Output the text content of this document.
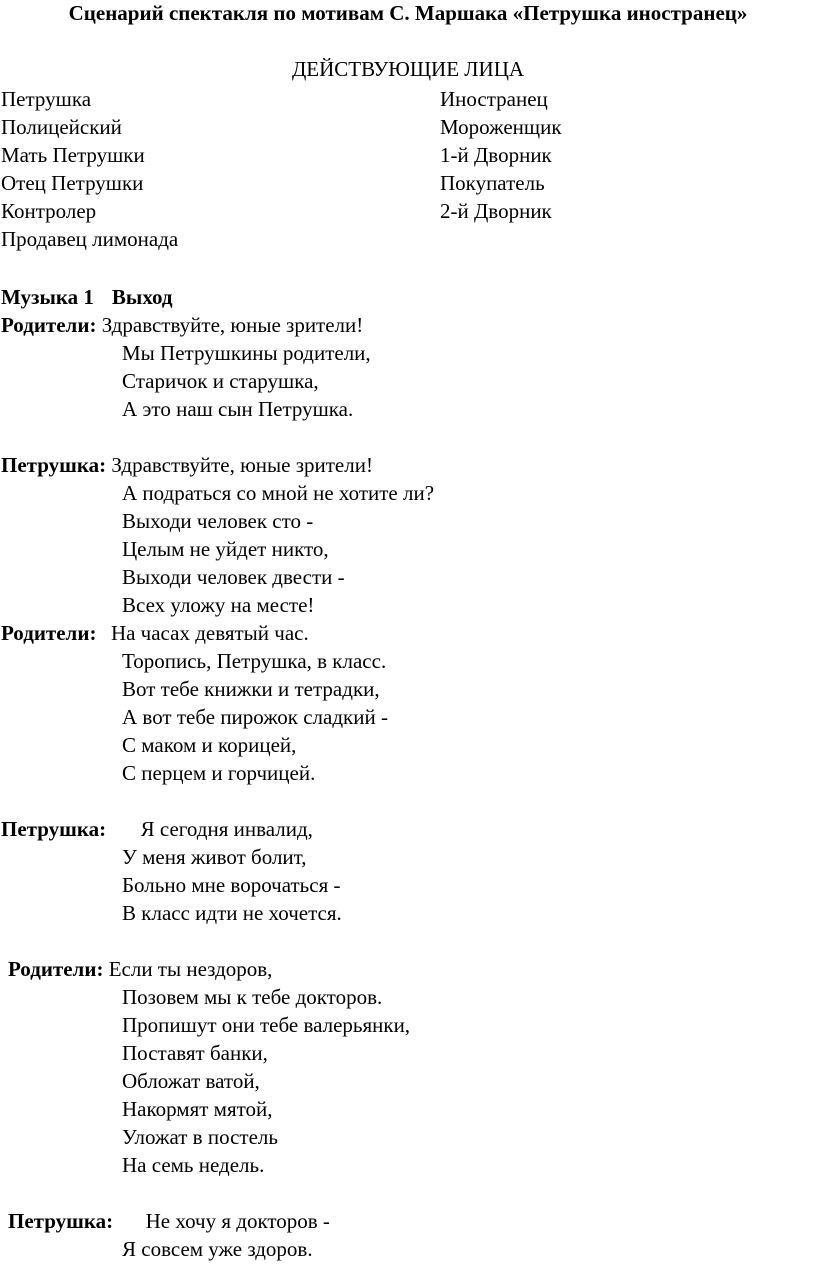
Сценарий спектакля по мотивам С. Маршака «Петрушка иностранец»
ДЕЙСТВУЮЩИЕ ЛИЦА
Петрушка	Иностранец
Полицейский	Мороженщик
Мать Петрушки	1-й Дворник
Отец Петрушки	Покупатель
Контролер	2-й Дворник
Продавец лимонада
Музыка 1 Выход
Родители: Здравствуйте, юные зрители!
Мы Петрушкины родители,
Старичок и старушка,
А это наш сын Петрушка.
Петрушка: Здравствуйте, юные зрители!
А подраться со мной не хотите ли?
Выходи человек сто -
Целым не уйдет никто,
Выходи человек двести -
Всех уложу на месте!
Родители: На часах девятый час.
Торопись, Петрушка, в класс.
Вот тебе книжки и тетрадки,
А вот тебе пирожок сладкий -
С маком и корицей,
С перцем и горчицей.
Петрушка: Я сегодня инвалид,
У меня живот болит,
Больно мне ворочаться -
В класс идти не хочется.
Родители: Если ты нездоров,
Позовем мы к тебе докторов.
Пропишут они тебе валерьянки,
Поставят банки,
Обложат ватой,
Накормят мятой,
Уложат в постель
На семь недель.
Петрушка: Не хочу я докторов -
Я совсем уже здоров.
